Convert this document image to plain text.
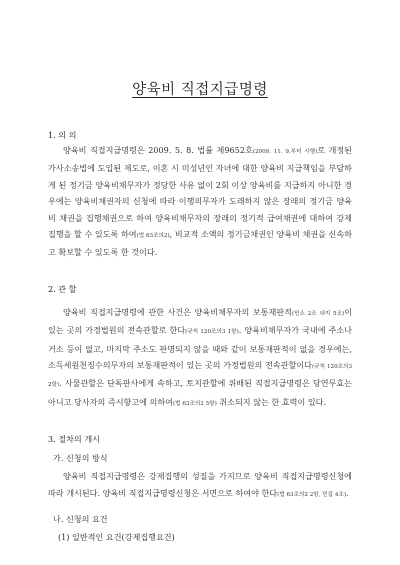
양육비 직접지급명령

1. 의 의

양육비 직접지급명령은 2009. 5. 8. 법률 제9652호(2009. 11. 9.부터 시행)로 개정된 가사소송법에 도입된 제도로, 이혼 시 미성년인 자녀에 대한 양육비 지급책임을 부담하게 된 정기금 양육비채무자가 정당한 사유 없이 2회 이상 양육비를 지급하지 아니한 경우에는 양육비채권자의 신청에 따라 이행의무자가 도래하지 않은 장래의 정기금 양육비 채권을 집행채권으로 하여 양육비채무자의 장래의 정기적 급여채권에 대하여 강제집행을 할 수 있도록 하여(법 63조의2), 비교적 소액의 정기금채권인 양육비 채권을 신속하고 확보할 수 있도록 한 것이다.

2. 관 할

양육비 직접지급명령에 관한 사건은 양육비채무자의 보통재판적(민소 2조 내지 5조)이 있는 곳의 가정법원의 전속관할로 한다(규칙 120조의3 1항). 양육비채무자가 국내에 주소나 거소 등이 없고, 마지막 주소도 판명되지 않을 때와 같이 보통재판적이 없을 경우에는, 소득세원천징수의무자의 보통재판적이 있는 곳의 가정법원의 전속관할이다(규칙 120조의3 2항). 사물관할은 단독판사에게 속하고, 토지관할에 위배된 직접지급명령은 당연무효는 아니고 당사자의 즉시항고에 의하여(법 63조의2 5항) 취소되지 않는 한 효력이 있다.

3. 절차의 개시

가. 신청의 방식

양육비 직접지급명령은 강제집행의 성질을 가지므로 양육비 직접지급명령신청에 따라 개시된다. 양육비 직접지급명령신청은 서면으로 하여야 한다(법 63조의2 2항, 민집 4조).

나. 신청의 요건

(1) 일반적인 요건(강제집행요건)
